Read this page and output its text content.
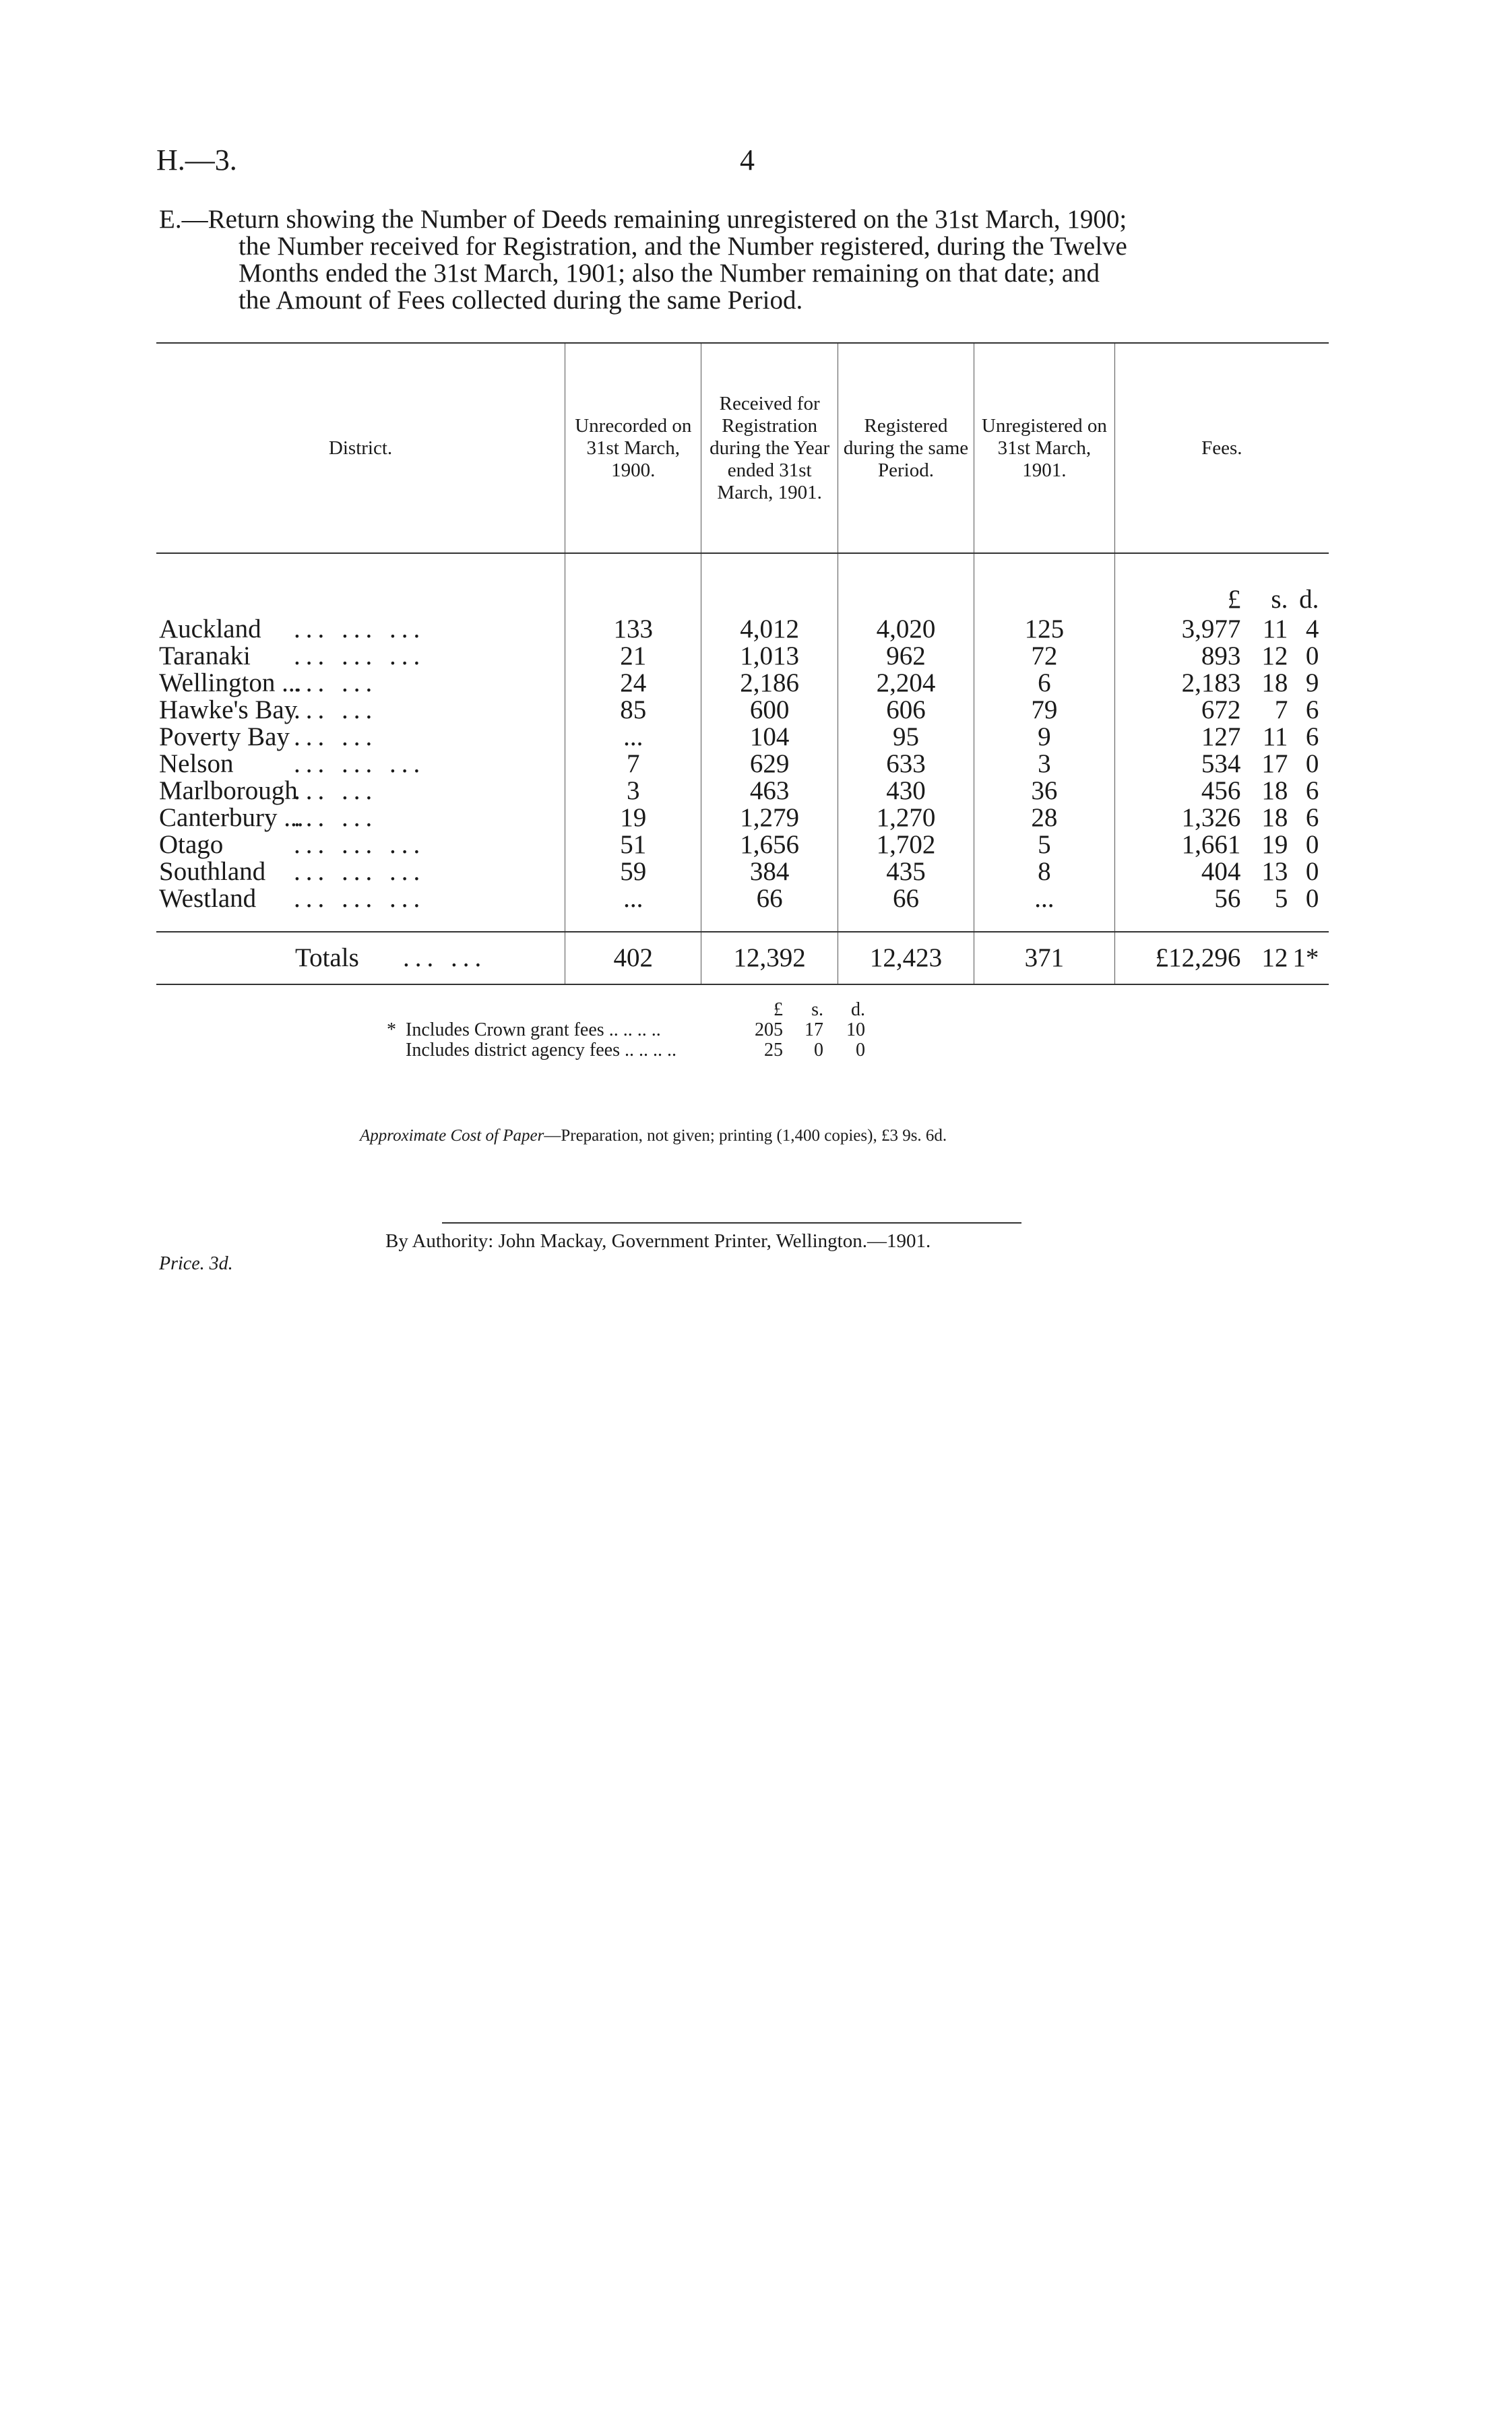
H.—3.	4

E.—Return showing the Number of Deeds remaining unregistered on the 31st March, 1900;

the Number received for Registration, and the Number registered, during the Twelve

Months ended the 31st March, 1901; also the Number remaining on that date; and

the Amount of Fees collected during the same Period.

District.	Unrecorded on 31st March, 1900.	Received for Registration during the Year ended 31st March, 1901.	Registered during the same Period.	Unregistered on 31st March, 1901.	Fees.

					£ s. d.

Auckland ... ... ...	133	4,012	4,020	125	3,977 11 4

Taranaki ... ... ...	21	1,013	962	72	893 12 0

Wellington ...... ...	24	2,186	2,204	6	2,183 18 9

Hawke's Bay... ...	85	600	606	79	672 7 6

Poverty Bay ... ...	...	104	95	9	127 11 6

Nelson ... ... ...	7	629	633	3	534 17 0

Marlborough... ...	3	463	430	36	456 18 6

Canterbury ...... ...	19	1,279	1,270	28	1,326 18 6

Otago ... ... ...	51	1,656	1,702	5	1,661 19 0

Southland ... ... ...	59	384	435	8	404 13 0

Westland ... ... ...	...	66	66	...	56 5 0

Totals ... ...	402	12,392	12,423	371	£12,296 12 1*
£	s.	d.
* Includes Crown grant fees .. .. .. ..	205	17	10
Includes district agency fees .. .. .. ..	25	0	0
Approximate Cost of Paper—Preparation, not given; printing (1,400 copies), £3 9s. 6d.
By Authority: John Mackay, Government Printer, Wellington.—1901.
Price. 3d.
